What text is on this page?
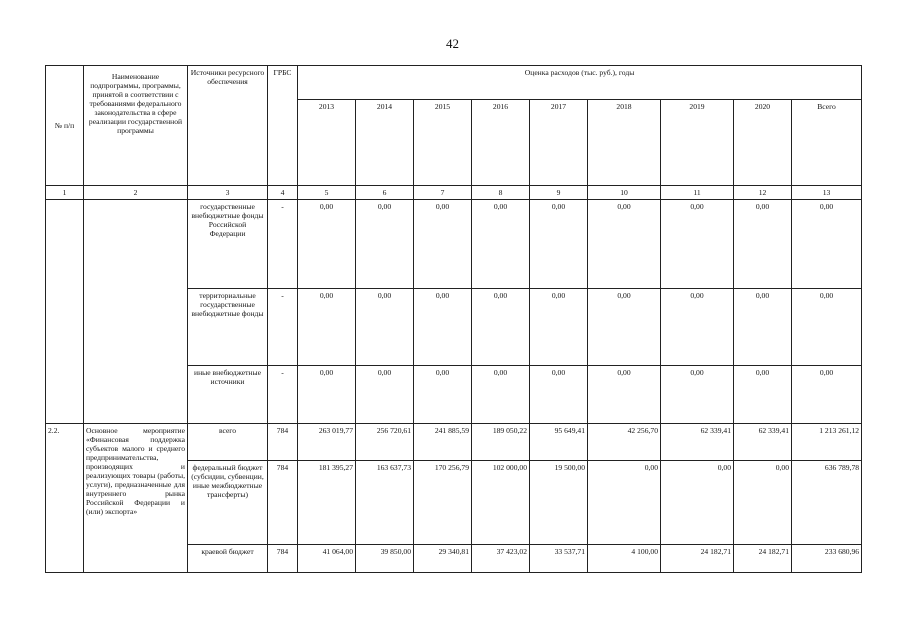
42
№ п/п	Наименование подпрограммы, программы, принятой в соответствии с требованиями федерального законодательства в сфере реализации государственной программы	Источники ресурсного обеспечения	ГРБС	Оценка расходов (тыс. руб.), годы								
				2013	2014	2015	2016	2017	2018	2019	2020	Всего
1	2	3	4	5	6	7	8	9	10	11	12	13
		государственные внебюджетные фонды Российской Федерации	-	0,00	0,00	0,00	0,00	0,00	0,00	0,00	0,00	0,00
		территориальные государственные внебюджетные фонды	-	0,00	0,00	0,00	0,00	0,00	0,00	0,00	0,00	0,00
		иные внебюджетные источники	-	0,00	0,00	0,00	0,00	0,00	0,00	0,00	0,00	0,00
2.2.	Основное мероприятие «Финансовая поддержка субъектов малого и среднего предпринимательства, производящих и реализующих товары (работы, услуги), предназначенные для внутреннего рынка Российской Федерации и (или) экспорта»	всего	784	263 019,77	256 720,61	241 885,59	189 050,22	95 649,41	42 256,70	62 339,41	62 339,41	1 213 261,12
		федеральный бюджет (субсидии, субвенции, иные межбюджетные трансферты)	784	181 395,27	163 637,73	170 256,79	102 000,00	19 500,00	0,00	0,00	0,00	636 789,78
		краевой бюджет	784	41 064,00	39 850,00	29 340,81	37 423,02	33 537,71	4 100,00	24 182,71	24 182,71	233 680,96
